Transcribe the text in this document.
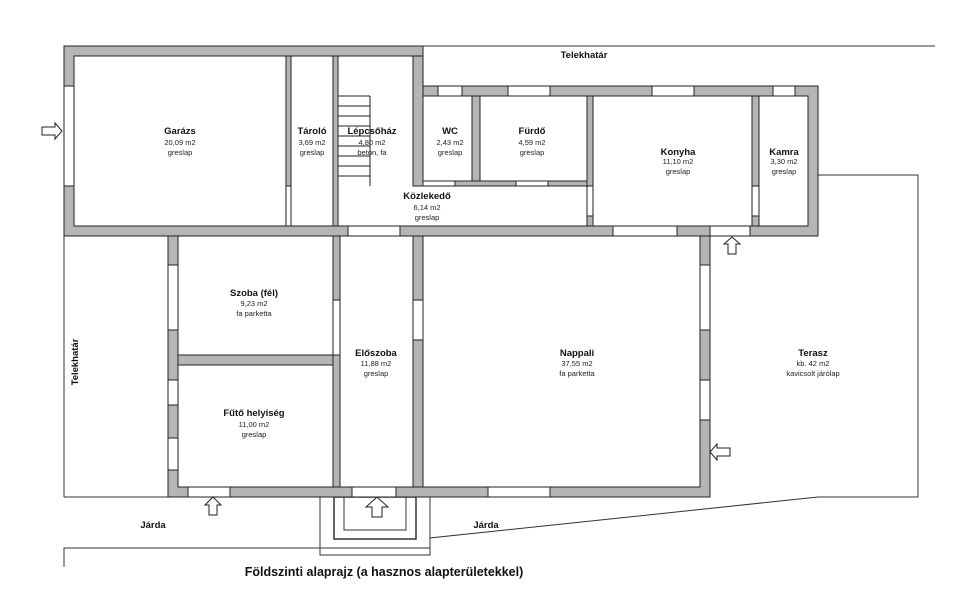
Garázs
20,09 m2
greslap
Tároló
3,69 m2
greslap
Lépcsőház
4,80 m2
beton, fa
WC
2,43 m2
greslap
Fürdő
4,59 m2
greslap	Konyha
11,10 m2
greslap
Kamra
3,30 m2
greslap
Közlekedő
6,14 m2
greslap
Szoba (fél)
9,23 m2
fa parketta
Fűtő helyiség
11,00 m2
greslap
Előszoba
11,88 m2
greslap
Nappali
37,55 m2
fa parketta
Terasz
kb. 42 m2
kavicsolt járólap
Telekhatár
Telekhatár
Járda	Járda
Földszinti alaprajz (a hasznos alapterületekkel)
